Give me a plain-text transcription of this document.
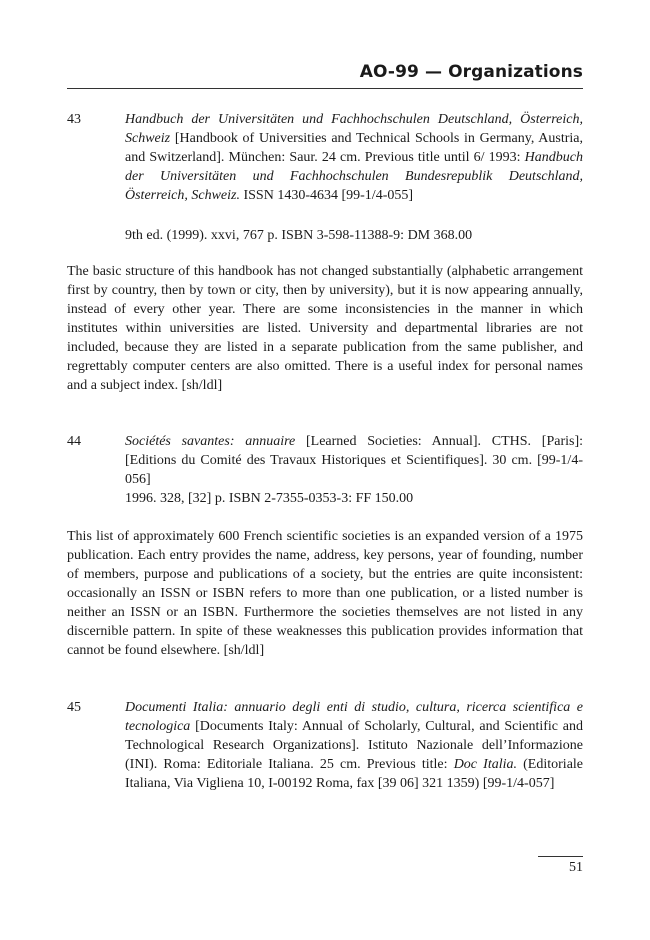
AO-99 — Organizations
43	Handbuch der Universitäten und Fachhochschulen Deutschland, Österreich, Schweiz [Handbook of Universities and Technical Schools in Germany, Austria, and Switzerland]. München: Saur. 24 cm. Previous title until 6/ 1993: Handbuch der Universitäten und Fachhochschulen Bundesrepublik Deutschland, Österreich, Schweiz. ISSN 1430-4634 [99-1/4-055]
9th ed. (1999). xxvi, 767 p. ISBN 3-598-11388-9: DM 368.00
The basic structure of this handbook has not changed substantially (alphabetic arrangement first by country, then by town or city, then by university), but it is now appearing annually, instead of every other year. There are some inconsistencies in the manner in which institutes within universities are listed. University and departmental libraries are not included, because they are listed in a separate publication from the same publisher, and regrettably computer centers are also omitted. There is a useful index for personal names and a subject index. [sh/ldl]
44	Sociétés savantes: annuaire [Learned Societies: Annual]. CTHS. [Paris]: [Editions du Comité des Travaux Historiques et Scientifiques]. 30 cm. [99-1/4-056]
1996. 328, [32] p. ISBN 2-7355-0353-3: FF 150.00
This list of approximately 600 French scientific societies is an expanded version of a 1975 publication. Each entry provides the name, address, key persons, year of founding, number of members, purpose and publications of a society, but the entries are quite inconsistent: occasionally an ISSN or ISBN refers to more than one publication, or a listed number is neither an ISSN or an ISBN. Furthermore the societies themselves are not listed in any discernible pattern. In spite of these weaknesses this publication provides information that cannot be found elsewhere. [sh/ldl]
45	Documenti Italia: annuario degli enti di studio, cultura, ricerca scientifica e tecnologica [Documents Italy: Annual of Scholarly, Cultural, and Scientific and Technological Research Organizations]. Istituto Nazionale dell’Informazione (INI). Roma: Editoriale Italiana. 25 cm. Previous title: Doc Italia. (Editoriale Italiana, Via Vigliena 10, I-00192 Roma, fax [39 06] 321 1359) [99-1/4-057]
51
